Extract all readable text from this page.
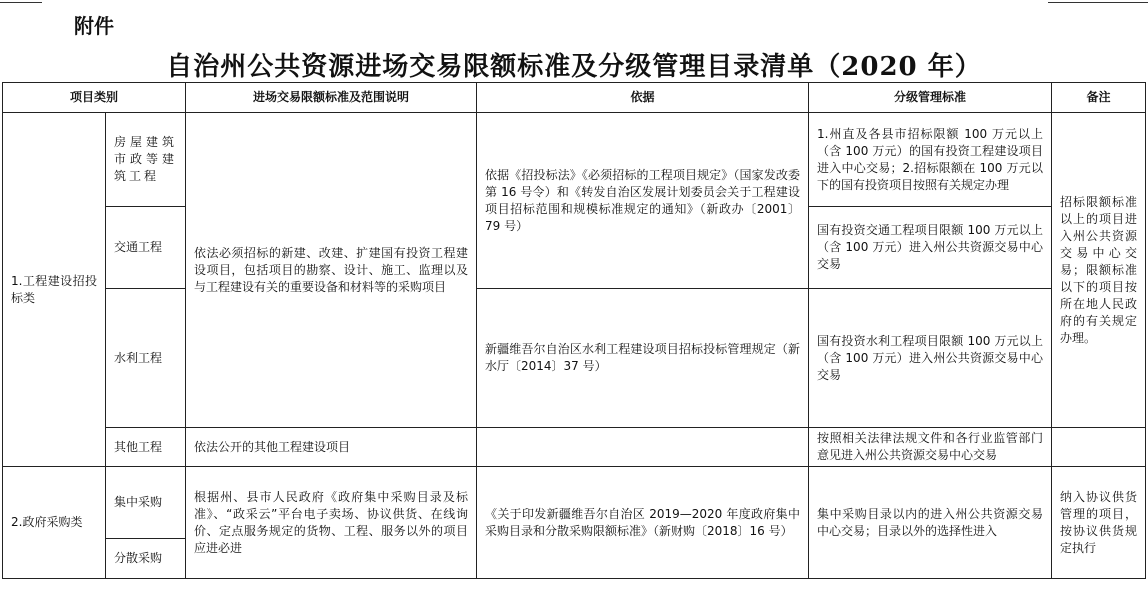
附件
自治州公共资源进场交易限额标准及分级管理目录清单（2020 年）
项目类别		进场交易限额标准及范围说明	依据	分级管理标准	备注
1.工程建设招投标类	房屋建筑市政等建筑工程	依法必须招标的新建、改建、扩建国有投资工程建设项目，包括项目的勘察、设计、施工、监理以及与工程建设有关的重要设备和材料等的采购项目	依据《招投标法》《必须招标的工程项目规定》（国家发改委第 16 号令）和《转发自治区发展计划委员会关于工程建设项目招标范围和规模标准规定的通知》（新政办〔2001〕79 号）	1.州直及各县市招标限额 100 万元以上（含 100 万元）的国有投资工程建设项目进入中心交易；2.招标限额在 100 万元以下的国有投资项目按照有关规定办理	招标限额标准以上的项目进入州公共资源交易中心交易；限额标准以下的项目按所在地人民政府的有关规定办理。
	交通工程			国有投资交通工程项目限额 100 万元以上（含 100 万元）进入州公共资源交易中心交易	
	水利工程		新疆维吾尔自治区水利工程建设项目招标投标管理规定（新水厅〔2014〕37 号）	国有投资水利工程项目限额 100 万元以上（含 100 万元）进入州公共资源交易中心交易	
	其他工程	依法公开的其他工程建设项目		按照相关法律法规文件和各行业监管部门意见进入州公共资源交易中心交易	
2.政府采购类	集中采购	根据州、县市人民政府《政府集中采购目录及标准》、“政采云”平台电子卖场、协议供货、在线询价、定点服务规定的货物、工程、服务以外的项目应进必进	《关于印发新疆维吾尔自治区 2019—2020 年度政府集中采购目录和分散采购限额标准》（新财购〔2018〕16 号）	集中采购目录以内的进入州公共资源交易中心交易；目录以外的选择性进入	纳入协议供货管理的项目，按协议供货规定执行
	分散采购				
